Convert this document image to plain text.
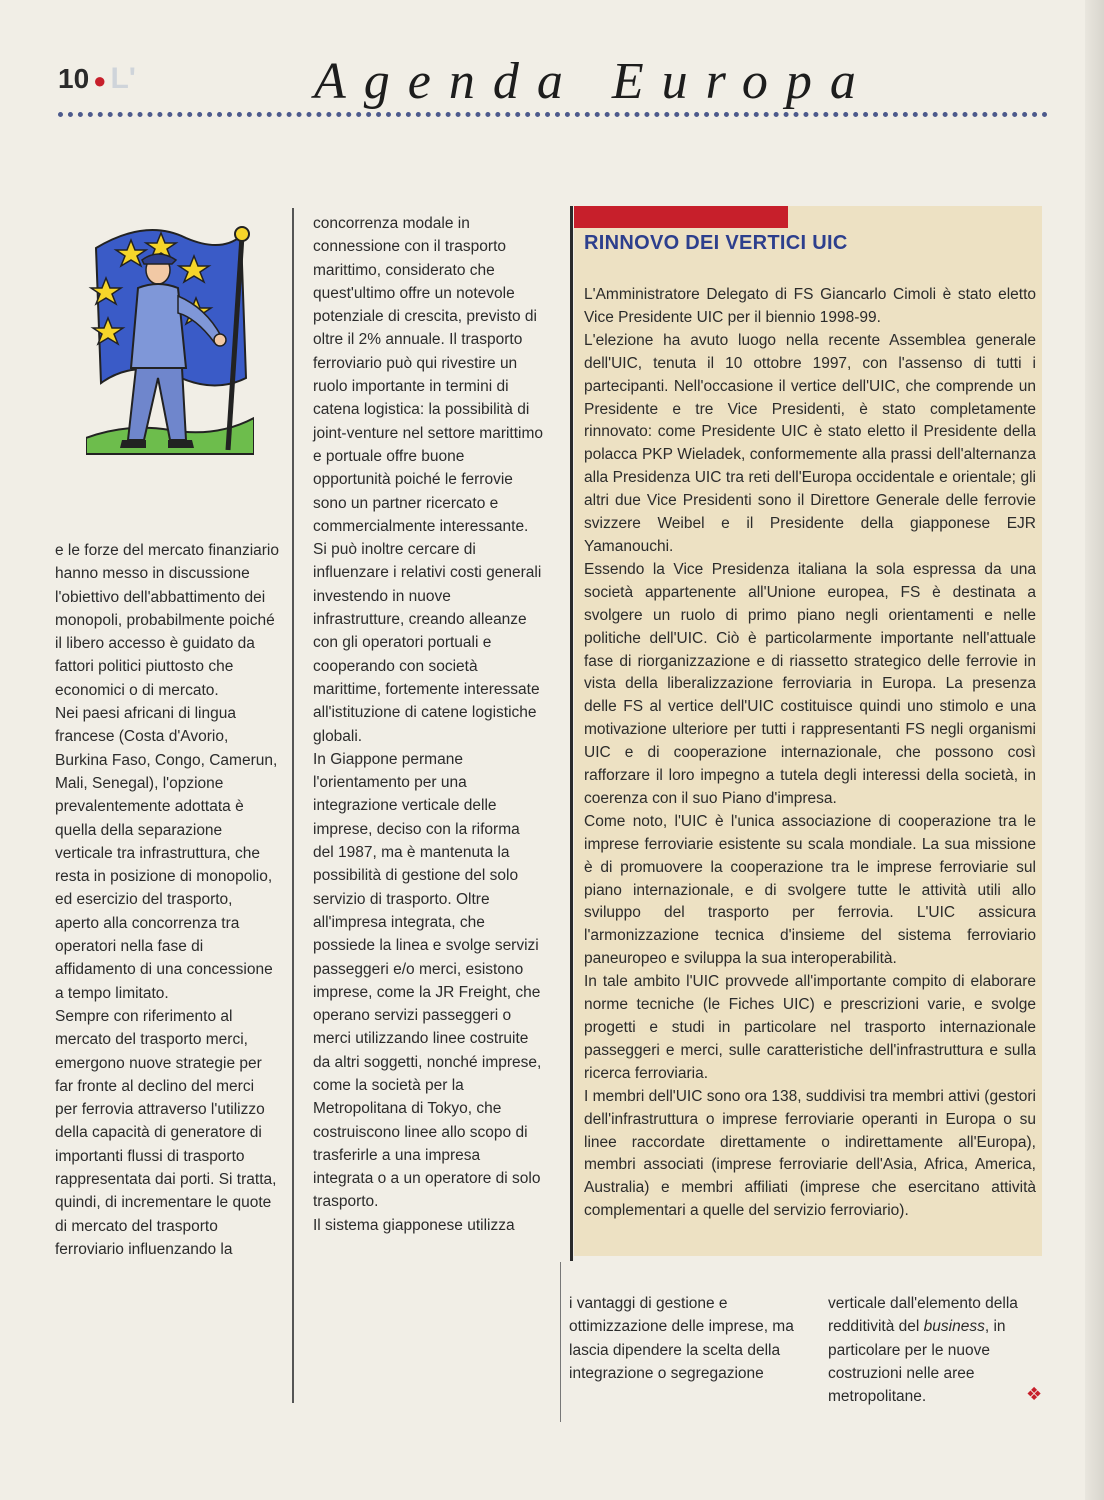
10 ● L'	Agenda Europa

e le forze del mercato finanziario hanno messo in discussione l'obiettivo dell'abbattimento dei monopoli, probabilmente poiché il libero accesso è guidato da fattori politici piuttosto che economici o di mercato.

Nei paesi africani di lingua francese (Costa d'Avorio, Burkina Faso, Congo, Camerun, Mali, Senegal), l'opzione prevalentemente adottata è quella della separazione verticale tra infrastruttura, che resta in posizione di monopolio, ed esercizio del trasporto, aperto alla concorrenza tra operatori nella fase di affidamento di una concessione a tempo limitato.

Sempre con riferimento al mercato del trasporto merci, emergono nuove strategie per far fronte al declino del merci per ferrovia attraverso l'utilizzo della capacità di generatore di importanti flussi di trasporto rappresentata dai porti. Si tratta, quindi, di incrementare le quote di mercato del trasporto ferroviario influenzando la

concorrenza modale in connessione con il trasporto marittimo, considerato che quest'ultimo offre un notevole potenziale di crescita, previsto di oltre il 2% annuale. Il trasporto ferroviario può qui rivestire un ruolo importante in termini di catena logistica: la possibilità di joint-venture nel settore marittimo e portuale offre buone opportunità poiché le ferrovie sono un partner ricercato e commercialmente interessante. Si può inoltre cercare di influenzare i relativi costi generali investendo in nuove infrastrutture, creando alleanze con gli operatori portuali e cooperando con società marittime, fortemente interessate all'istituzione di catene logistiche globali.

In Giappone permane l'orientamento per una integrazione verticale delle imprese, deciso con la riforma del 1987, ma è mantenuta la possibilità di gestione del solo servizio di trasporto. Oltre all'impresa integrata, che possiede la linea e svolge servizi passeggeri e/o merci, esistono imprese, come la JR Freight, che operano servizi passeggeri o merci utilizzando linee costruite da altri soggetti, nonché imprese, come la società per la Metropolitana di Tokyo, che costruiscono linee allo scopo di trasferirle a una impresa integrata o a un operatore di solo trasporto.

Il sistema giapponese utilizza

RINNOVO DEI VERTICI UIC

L'Amministratore Delegato di FS Giancarlo Cimoli è stato eletto Vice Presidente UIC per il biennio 1998-99.

L'elezione ha avuto luogo nella recente Assemblea generale dell'UIC, tenuta il 10 ottobre 1997, con l'assenso di tutti i partecipanti. Nell'occasione il vertice dell'UIC, che comprende un Presidente e tre Vice Presidenti, è stato completamente rinnovato: come Presidente UIC è stato eletto il Presidente della polacca PKP Wieladek, conformemente alla prassi dell'alternanza alla Presidenza UIC tra reti dell'Europa occidentale e orientale; gli altri due Vice Presidenti sono il Direttore Generale delle ferrovie svizzere Weibel e il Presidente della giapponese EJR Yamanouchi.

Essendo la Vice Presidenza italiana la sola espressa da una società appartenente all'Unione europea, FS è destinata a svolgere un ruolo di primo piano negli orientamenti e nelle politiche dell'UIC. Ciò è particolarmente importante nell'attuale fase di riorganizzazione e di riassetto strategico delle ferrovie in vista della liberalizzazione ferroviaria in Europa. La presenza delle FS al vertice dell'UIC costituisce quindi uno stimolo e una motivazione ulteriore per tutti i rappresentanti FS negli organismi UIC e di cooperazione internazionale, che possono così rafforzare il loro impegno a tutela degli interessi della società, in coerenza con il suo Piano d'impresa.

Come noto, l'UIC è l'unica associazione di cooperazione tra le imprese ferroviarie esistente su scala mondiale. La sua missione è di promuovere la cooperazione tra le imprese ferroviarie sul piano internazionale, e di svolgere tutte le attività utili allo sviluppo del trasporto per ferrovia. L'UIC assicura l'armonizzazione tecnica d'insieme del sistema ferroviario paneuropeo e sviluppa la sua interoperabilità.

In tale ambito l'UIC provvede all'importante compito di elaborare norme tecniche (le Fiches UIC) e prescrizioni varie, e svolge progetti e studi in particolare nel trasporto internazionale passeggeri e merci, sulle caratteristiche dell'infrastruttura e sulla ricerca ferroviaria.

I membri dell'UIC sono ora 138, suddivisi tra membri attivi (gestori dell'infrastruttura o imprese ferroviarie operanti in Europa o su linee raccordate direttamente o indirettamente all'Europa), membri associati (imprese ferroviarie dell'Asia, Africa, America, Australia) e membri affiliati (imprese che esercitano attività complementari a quelle del servizio ferroviario).

i vantaggi di gestione e ottimizzazione delle imprese, ma lascia dipendere la scelta della integrazione o segregazione

verticale dall'elemento della redditività del business, in particolare per le nuove costruzioni nelle aree metropolitane.	❖
